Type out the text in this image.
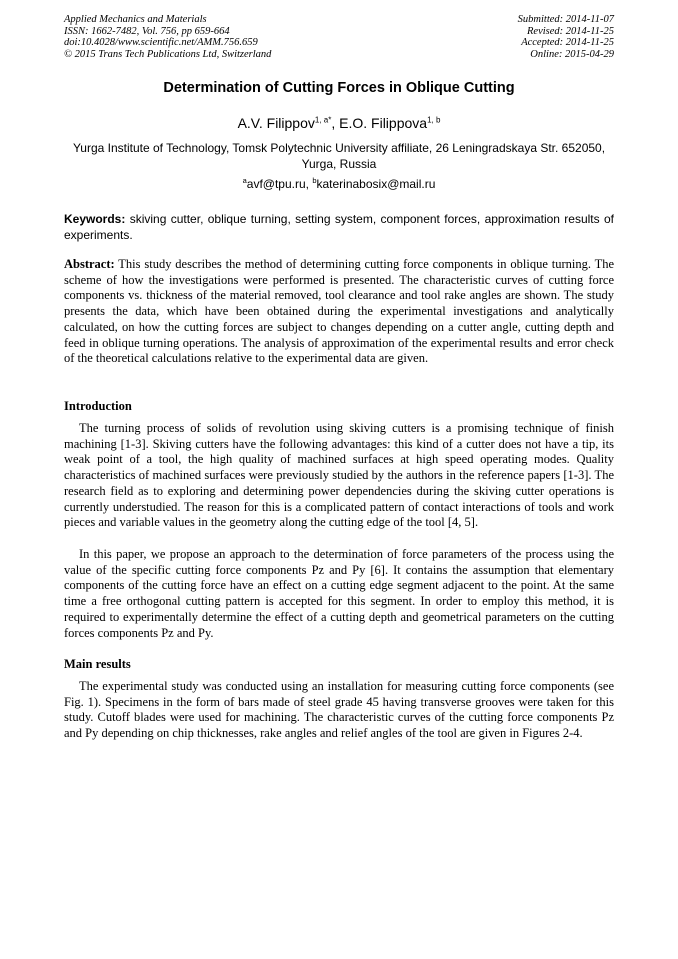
Applied Mechanics and Materials
ISSN: 1662-7482, Vol. 756, pp 659-664
doi:10.4028/www.scientific.net/AMM.756.659
© 2015 Trans Tech Publications Ltd, Switzerland
Submitted: 2014-11-07
Revised: 2014-11-25
Accepted: 2014-11-25
Online: 2015-04-29
Determination of Cutting Forces in Oblique Cutting
A.V. Filippov$^{1, a*}$, E.O. Filippova$^{1, b}$
Yurga Institute of Technology, Tomsk Polytechnic University affiliate, 26 Leningradskaya Str. 652050, Yurga, Russia
$^a$avf@tpu.ru, $^b$katerinabosix@mail.ru
Keywords: skiving cutter, oblique turning, setting system, component forces, approximation results of experiments.
Abstract: This study describes the method of determining cutting force components in oblique turning. The scheme of how the investigations were performed is presented. The characteristic curves of cutting force components vs. thickness of the material removed, tool clearance and tool rake angles are shown. The study presents the data, which have been obtained during the experimental investigations and analytically calculated, on how the cutting forces are subject to changes depending on a cutter angle, cutting depth and feed in oblique turning operations. The analysis of approximation of the experimental results and error check of the theoretical calculations relative to the experimental data are given.
Introduction
The turning process of solids of revolution using skiving cutters is a promising technique of finish machining [1-3]. Skiving cutters have the following advantages: this kind of a cutter does not have a tip, its weak point of a tool, the high quality of machined surfaces at high speed operating modes. Quality characteristics of machined surfaces were previously studied by the authors in the reference papers [1-3]. The research field as to exploring and determining power dependencies during the skiving cutter operations is currently understudied. The reason for this is a complicated pattern of contact interactions of tools and work pieces and variable values in the geometry along the cutting edge of the tool [4, 5].
In this paper, we propose an approach to the determination of force parameters of the process using the value of the specific cutting force components Pz and Py [6]. It contains the assumption that elementary components of the cutting force have an effect on a cutting edge segment adjacent to the point. At the same time a free orthogonal cutting pattern is accepted for this segment. In order to employ this method, it is required to experimentally determine the effect of a cutting depth and geometrical parameters on the cutting forces components Pz and Py.
Main results
The experimental study was conducted using an installation for measuring cutting force components (see Fig. 1). Specimens in the form of bars made of steel grade 45 having transverse grooves were taken for this study. Cutoff blades were used for machining. The characteristic curves of the cutting force components Pz and Py depending on chip thicknesses, rake angles and relief angles of the tool are given in Figures 2-4.
